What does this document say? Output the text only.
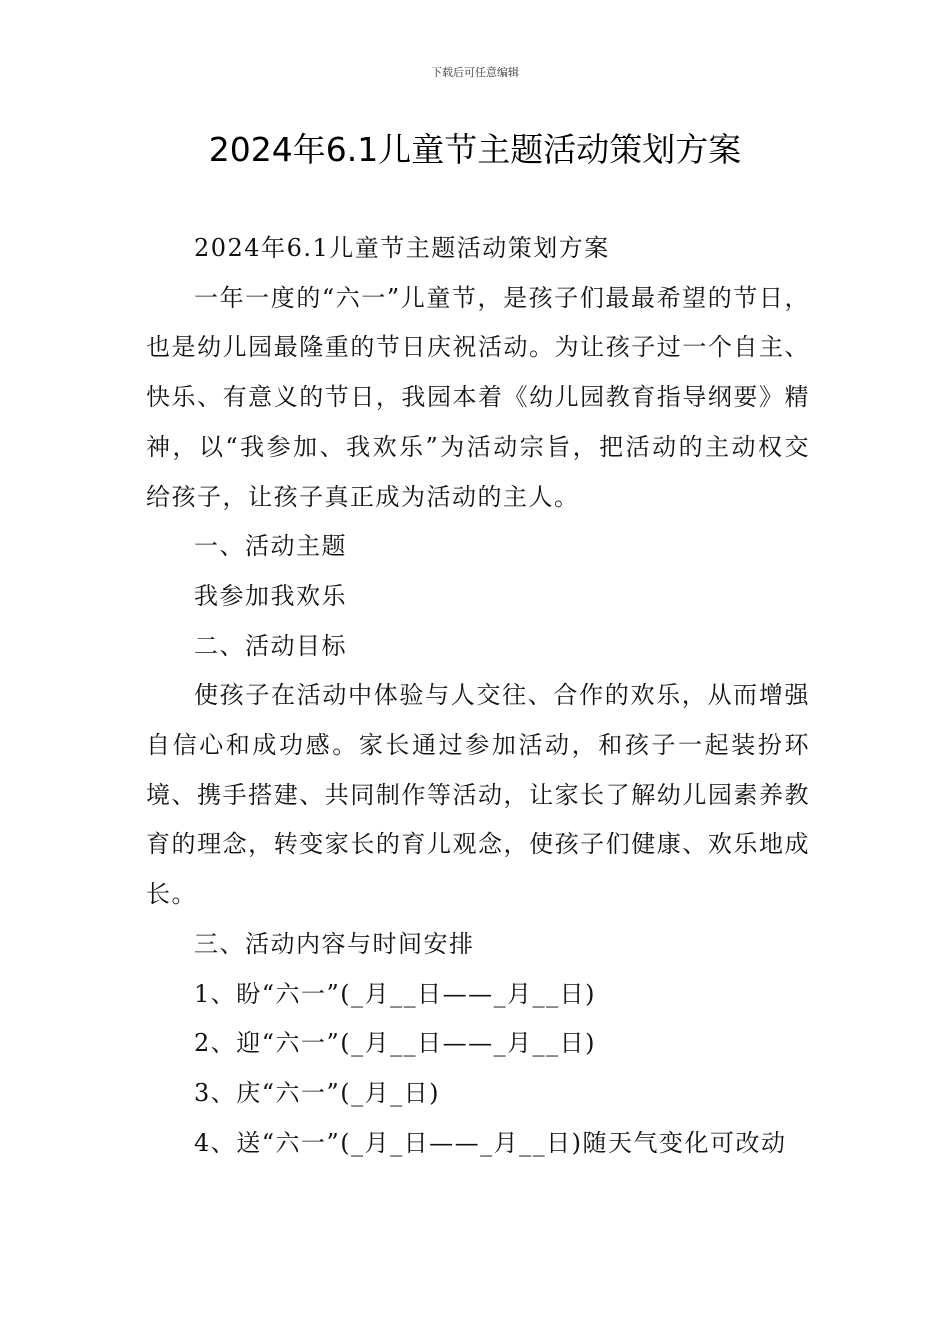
下载后可任意编辑
2024年6.1儿童节主题活动策划方案

2024年6.1儿童节主题活动策划方案

一年一度的“六一”儿童节，是孩子们最最希望的节日，也是幼儿园最隆重的节日庆祝活动。为让孩子过一个自主、快乐、有意义的节日，我园本着《幼儿园教育指导纲要》精神，以“我参加、我欢乐”为活动宗旨，把活动的主动权交给孩子，让孩子真正成为活动的主人。

一、活动主题

我参加我欢乐

二、活动目标

使孩子在活动中体验与人交往、合作的欢乐，从而增强自信心和成功感。家长通过参加活动，和孩子一起装扮环境、携手搭建、共同制作等活动，让家长了解幼儿园素养教育的理念，转变家长的育儿观念，使孩子们健康、欢乐地成长。

三、活动内容与时间安排

1、盼“六一”(_月__日——_月__日)

2、迎“六一”(_月__日——_月__日)

3、庆“六一”(_月_日)

4、送“六一”(_月_日——_月__日)随天气变化可改动
